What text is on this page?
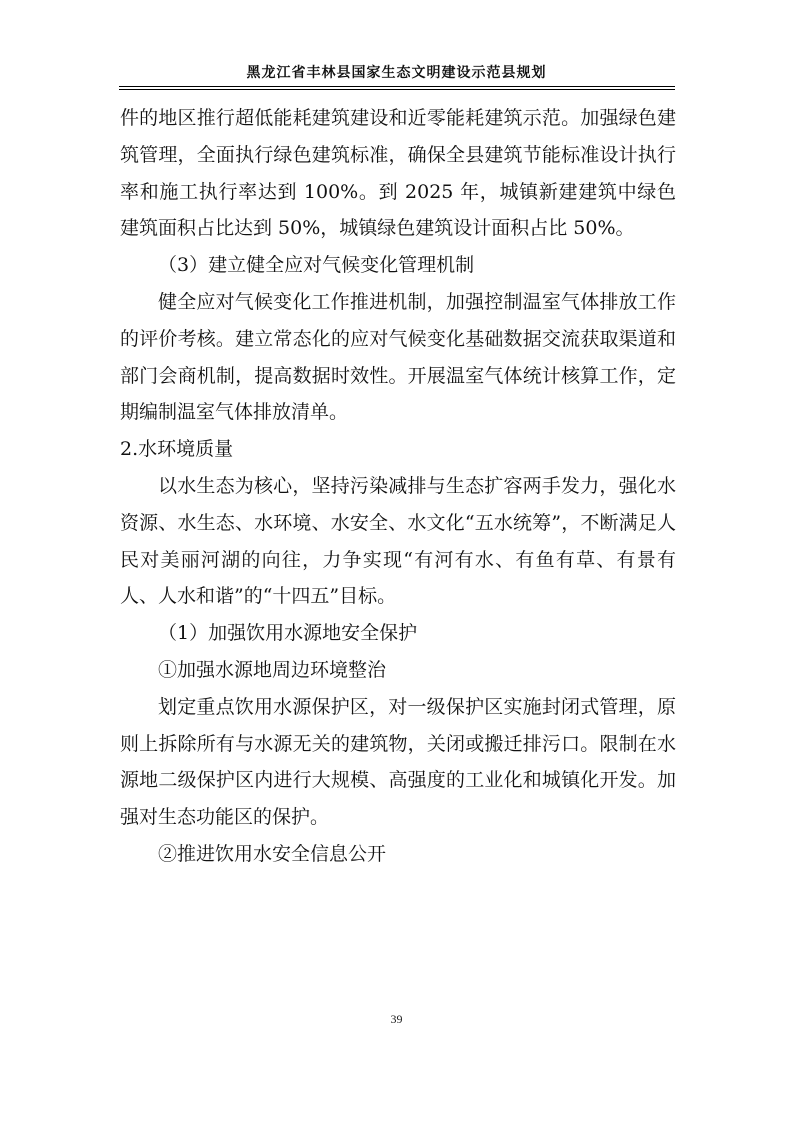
黑龙江省丰林县国家生态文明建设示范县规划

件的地区推行超低能耗建筑建设和近零能耗建筑示范。加强绿色建筑管理，全面执行绿色建筑标准，确保全县建筑节能标准设计执行率和施工执行率达到 100%。到 2025 年，城镇新建建筑中绿色建筑面积占比达到 50%，城镇绿色建筑设计面积占比 50%。

（3）建立健全应对气候变化管理机制

健全应对气候变化工作推进机制，加强控制温室气体排放工作的评价考核。建立常态化的应对气候变化基础数据交流获取渠道和部门会商机制，提高数据时效性。开展温室气体统计核算工作，定期编制温室气体排放清单。

2.水环境质量

以水生态为核心，坚持污染减排与生态扩容两手发力，强化水资源、水生态、水环境、水安全、水文化“五水统筹”，不断满足人民对美丽河湖的向往，力争实现“有河有水、有鱼有草、有景有人、人水和谐”的“十四五”目标。

（1）加强饮用水源地安全保护

①加强水源地周边环境整治

划定重点饮用水源保护区，对一级保护区实施封闭式管理，原则上拆除所有与水源无关的建筑物，关闭或搬迁排污口。限制在水源地二级保护区内进行大规模、高强度的工业化和城镇化开发。加强对生态功能区的保护。

②推进饮用水安全信息公开

39
